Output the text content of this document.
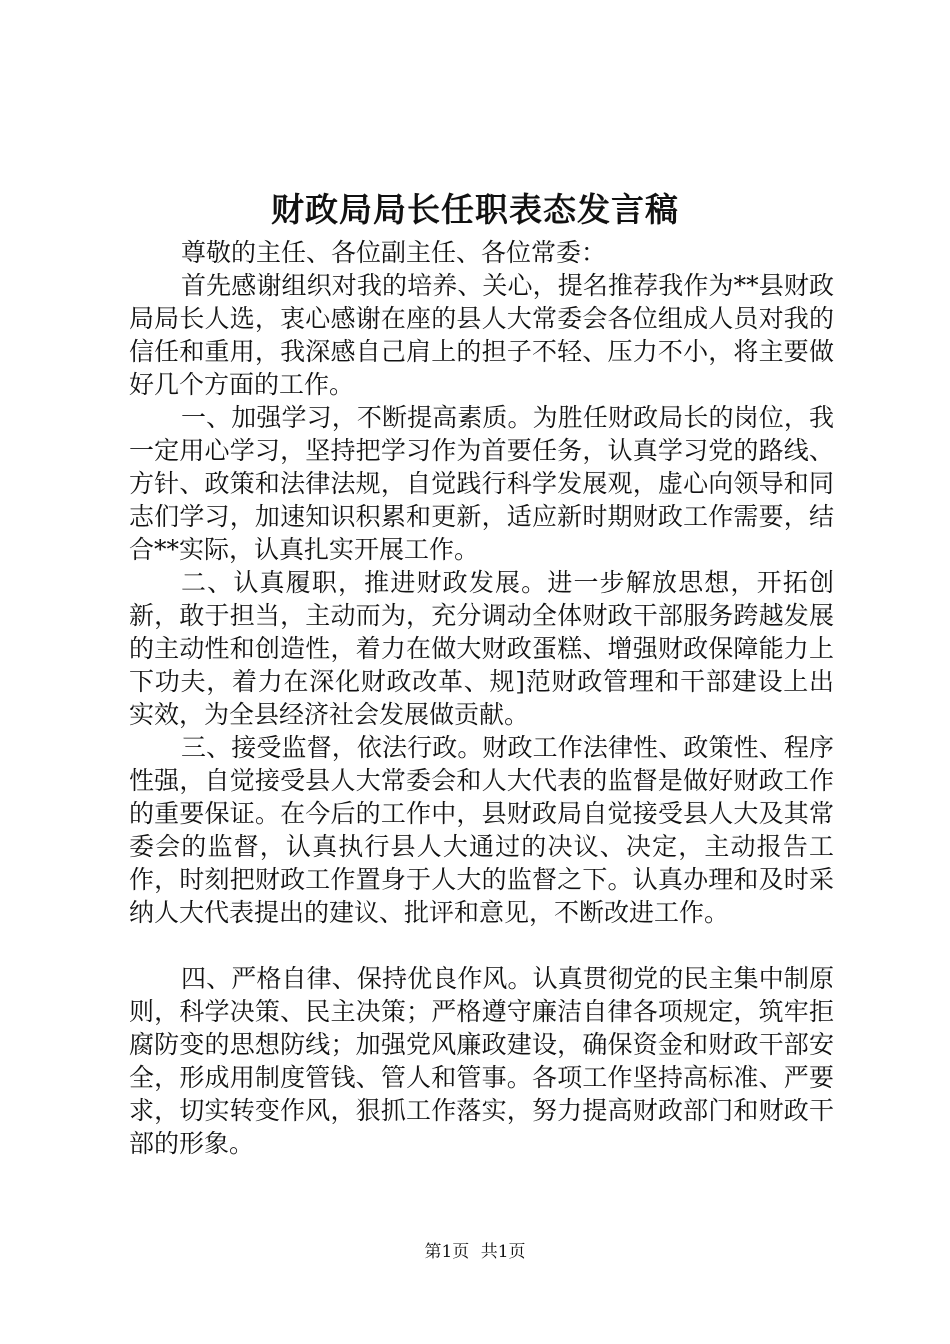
财政局局长任职表态发言稿

尊敬的主任、各位副主任、各位常委：

首先感谢组织对我的培养、关心，提名推荐我作为**县财政局局长人选，衷心感谢在座的县人大常委会各位组成人员对我的信任和重用，我深感自己肩上的担子不轻、压力不小，将主要做好几个方面的工作。

一、加强学习，不断提高素质。为胜任财政局长的岗位，我一定用心学习，坚持把学习作为首要任务，认真学习党的路线、方针、政策和法律法规，自觉践行科学发展观，虚心向领导和同志们学习，加速知识积累和更新，适应新时期财政工作需要，结合**实际，认真扎实开展工作。

二、认真履职，推进财政发展。进一步解放思想，开拓创新，敢于担当，主动而为，充分调动全体财政干部服务跨越发展的主动性和创造性，着力在做大财政蛋糕、增强财政保障能力上下功夫，着力在深化财政改革、规]范财政管理和干部建设上出实效，为全县经济社会发展做贡献。

三、接受监督，依法行政。财政工作法律性、政策性、程序性强，自觉接受县人大常委会和人大代表的监督是做好财政工作的重要保证。在今后的工作中，县财政局自觉接受县人大及其常委会的监督，认真执行县人大通过的决议、决定，主动报告工作，时刻把财政工作置身于人大的监督之下。认真办理和及时采纳人大代表提出的建议、批评和意见，不断改进工作。

四、严格自律、保持优良作风。认真贯彻党的民主集中制原则，科学决策、民主决策；严格遵守廉洁自律各项规定，筑牢拒腐防变的思想防线；加强党风廉政建设，确保资金和财政干部安全，形成用制度管钱、管人和管事。各项工作坚持高标准、严要求，切实转变作风，狠抓工作落实，努力提高财政部门和财政干部的形象。

第1页 共1页
